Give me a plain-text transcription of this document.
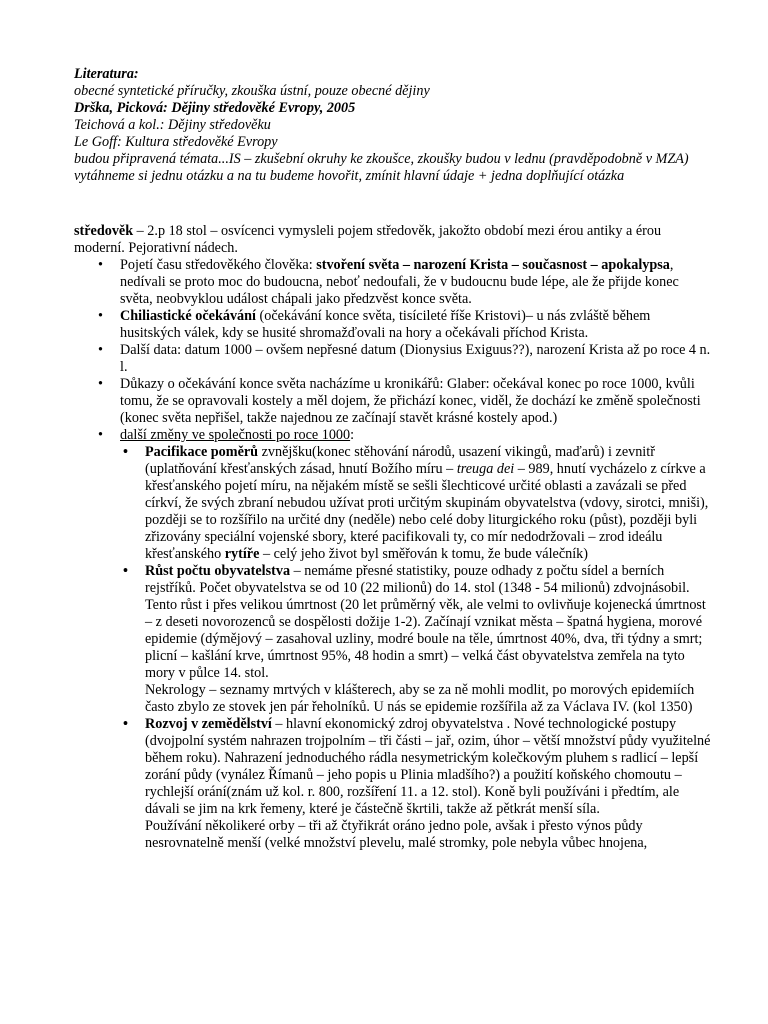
Literatura:
obecné syntetické příručky, zkouška ústní, pouze obecné dějiny
Drška, Picková: Dějiny středověké Evropy, 2005
Teichová a kol.: Dějiny středověku
Le Goff: Kultura středověké Evropy
budou připravená témata...IS – zkušební okruhy ke zkoušce, zkoušky budou v lednu (pravděpodobně v MZA) vytáhneme si jednu otázku a na tu budeme hovořit, zmínit hlavní údaje + jedna doplňující otázka

středověk – 2.p 18 stol – osvícenci vymysleli pojem středověk, jakožto období mezi érou antiky a érou moderní. Pejorativní nádech.

• Pojetí času středověkého člověka: stvoření světa – narození Krista – současnost – apokalypsa, nedívali se proto moc do budoucna, neboť nedoufali, že v budoucnu bude lépe, ale že přijde konec světa, neobvyklou událost chápali jako předzvěst konce světa.
• Chiliastické očekávání (očekávání konce světa, tisícileté říše Kristovi)– u nás zvláště během husitských válek, kdy se husité shromažďovali na hory a očekávali příchod Krista.
• Další data: datum 1000 – ovšem nepřesné datum (Dionysius Exiguus??), narození Krista až po roce 4 n. l.
• Důkazy o očekávání konce světa nacházíme u kronikářů: Glaber: očekával konec po roce 1000, kvůli tomu, že se opravovali kostely a měl dojem, že přichází konec, viděl, že dochází ke změně společnosti (konec světa nepřišel, takže najednou ze začínají stavět krásné kostely apod.)
• další změny ve společnosti po roce 1000:
• Pacifikace poměrů zvnějšku(konec stěhování národů, usazení vikingů, maďarů) i zevnitř (uplatňování křesťanských zásad, hnutí Božího míru – treuga dei – 989, hnutí vycházelo z církve a křesťanského pojetí míru, na nějakém místě se sešli šlechticové určité oblasti a zavázali se před církví, že svých zbraní nebudou užívat proti určitým skupinám obyvatelstva (vdovy, sirotci, mniši), později se to rozšířilo na určité dny (neděle) nebo celé doby liturgického roku (půst), později byli zřizovány speciální vojenské sbory, které pacifikovali ty, co mír nedodržovali – zrod ideálu křesťanského rytíře – celý jeho život byl směřován k tomu, že bude válečník)
• Růst počtu obyvatelstva – nemáme přesné statistiky, pouze odhady z počtu sídel a berních rejstříků. Počet obyvatelstva se od 10 (22 milionů) do 14. stol (1348 - 54 milionů) zdvojnásobil. Tento růst i přes velikou úmrtnost (20 let průměrný věk, ale velmi to ovlivňuje kojenecká úmrtnost – z deseti novorozenců se dospělosti dožije 1-2). Začínají vznikat města – špatná hygiena, morové epidemie (dýmějový – zasahoval uzliny, modré boule na těle, úmrtnost 40%, dva, tři týdny a smrt; plicní – kašlání krve, úmrtnost 95%, 48 hodin a smrt) – velká část obyvatelstva zemřela na tyto mory v půlce 14. stol.
Nekrology – seznamy mrtvých v klášterech, aby se za ně mohli modlit, po morových epidemiích často zbylo ze stovek jen pár řeholníků. U nás se epidemie rozšířila až za Václava IV. (kol 1350)
• Rozvoj v zemědělství – hlavní ekonomický zdroj obyvatelstva . Nové technologické postupy (dvojpolní systém nahrazen trojpolním – tři části – jař, ozim, úhor – větší množství půdy využitelné během roku). Nahrazení jednoduchého rádla nesymetrickým kolečkovým pluhem s radlicí – lepší zorání půdy (vynález Římanů – jeho popis u Plinia mladšího?) a použití koňského chomoutu – rychlejší orání(znám už kol. r. 800, rozšíření 11. a 12. stol). Koně byli používáni i předtím, ale dávali se jim na krk řemeny, které je částečně škrtili, takže až pětkrát menší síla.
Používání několikeré orby – tři až čtyřikrát oráno jedno pole, avšak i přesto výnos půdy nesrovnatelně menší (velké množství plevelu, malé stromky, pole nebyla vůbec hnojena,
